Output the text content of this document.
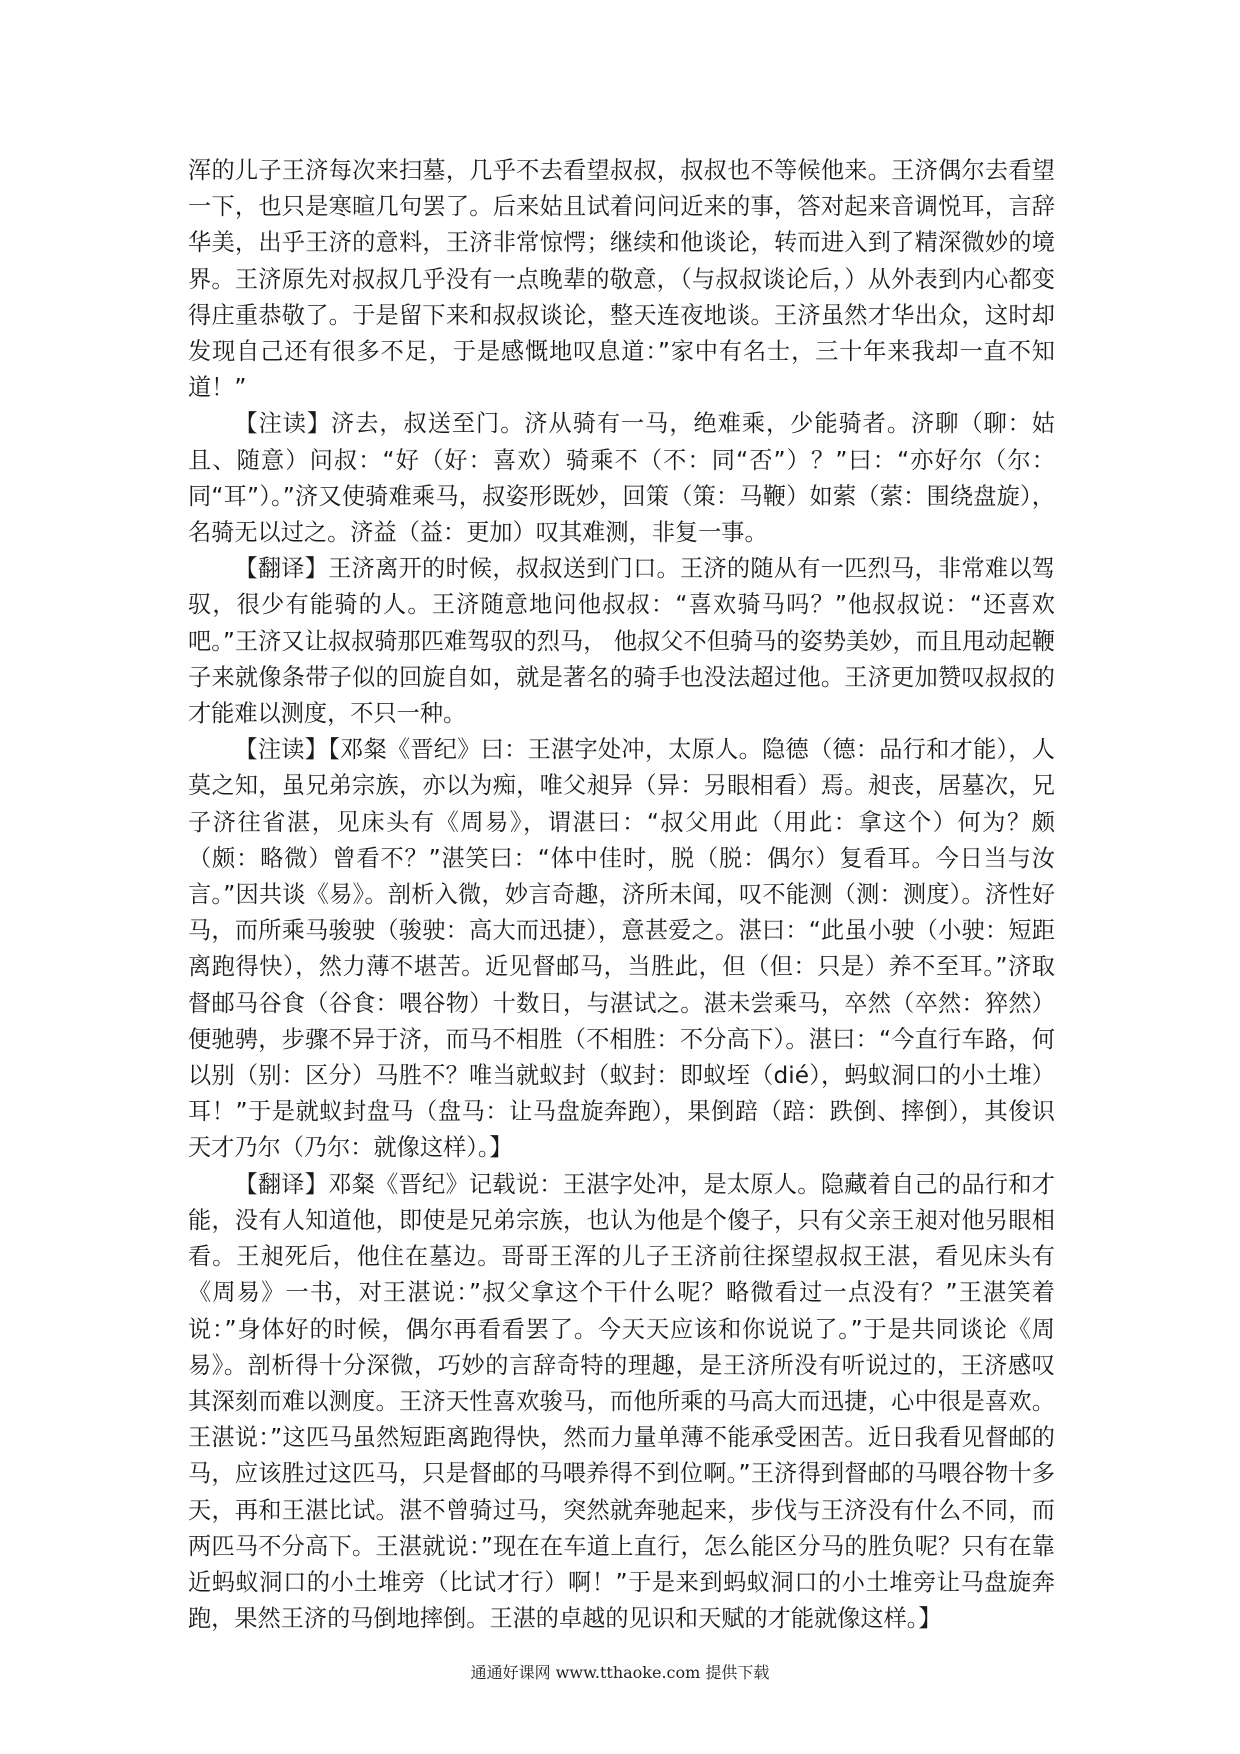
浑的儿子王济每次来扫墓，几乎不去看望叔叔，叔叔也不等候他来。王济偶尔去看望一下，也只是寒暄几句罢了。后来姑且试着问问近来的事，答对起来音调悦耳，言辞华美，出乎王济的意料，王济非常惊愕；继续和他谈论，转而进入到了精深微妙的境界。王济原先对叔叔几乎没有一点晚辈的敬意，（与叔叔谈论后，）从外表到内心都变得庄重恭敬了。于是留下来和叔叔谈论，整天连夜地谈。王济虽然才华出众，这时却发现自己还有很多不足，于是感慨地叹息道：”家中有名士，三十年来我却一直不知道！”

【注读】济去，叔送至门。济从骑有一马，绝难乘，少能骑者。济聊（聊：姑且、随意）问叔：“好（好：喜欢）骑乘不（不：同“否”）？”曰：“亦好尔（尔：同“耳”）。”济又使骑难乘马，叔姿形既妙，回策（策：马鞭）如萦（萦：围绕盘旋），名骑无以过之。济益（益：更加）叹其难测，非复一事。

【翻译】王济离开的时候，叔叔送到门口。王济的随从有一匹烈马，非常难以驾驭，很少有能骑的人。王济随意地问他叔叔：“喜欢骑马吗？”他叔叔说：“还喜欢吧。”王济又让叔叔骑那匹难驾驭的烈马， 他叔父不但骑马的姿势美妙，而且甩动起鞭子来就像条带子似的回旋自如，就是著名的骑手也没法超过他。王济更加赞叹叔叔的才能难以测度，不只一种。

【注读】【邓粲《晋纪》曰：王湛字处冲，太原人。隐德（德：品行和才能），人莫之知，虽兄弟宗族，亦以为痴，唯父昶异（异：另眼相看）焉。昶丧，居墓次，兄子济往省湛，见床头有《周易》，谓湛曰：“叔父用此（用此：拿这个）何为？颇（颇：略微）曾看不？”湛笑曰：“体中佳时，脱（脱：偶尔）复看耳。今日当与汝言。”因共谈《易》。剖析入微，妙言奇趣，济所未闻，叹不能测（测：测度）。济性好马，而所乘马骏驶（骏驶：高大而迅捷），意甚爱之。湛曰：“此虽小驶（小驶：短距离跑得快），然力薄不堪苦。近见督邮马，当胜此，但（但：只是）养不至耳。”济取督邮马谷食（谷食：喂谷物）十数日，与湛试之。湛未尝乘马，卒然（卒然：猝然）便驰骋，步骤不异于济，而马不相胜（不相胜：不分高下）。湛曰：“今直行车路，何以别（别：区分）马胜不？唯当就蚁封（蚁封：即蚁垤（dié），蚂蚁洞口的小土堆）耳！”于是就蚁封盘马（盘马：让马盘旋奔跑），果倒踣（踣：跌倒、摔倒），其俊识天才乃尔（乃尔：就像这样）。】

【翻译】邓粲《晋纪》记载说：王湛字处冲，是太原人。隐藏着自己的品行和才能，没有人知道他，即使是兄弟宗族，也认为他是个傻子，只有父亲王昶对他另眼相看。王昶死后，他住在墓边。哥哥王浑的儿子王济前往探望叔叔王湛，看见床头有《周易》一书，对王湛说：”叔父拿这个干什么呢？略微看过一点没有？”王湛笑着说：”身体好的时候，偶尔再看看罢了。今天天应该和你说说了。”于是共同谈论《周易》。剖析得十分深微，巧妙的言辞奇特的理趣，是王济所没有听说过的，王济感叹其深刻而难以测度。王济天性喜欢骏马，而他所乘的马高大而迅捷，心中很是喜欢。王湛说：”这匹马虽然短距离跑得快，然而力量单薄不能承受困苦。近日我看见督邮的马，应该胜过这匹马，只是督邮的马喂养得不到位啊。”王济得到督邮的马喂谷物十多天，再和王湛比试。湛不曾骑过马，突然就奔驰起来，步伐与王济没有什么不同，而两匹马不分高下。王湛就说：”现在在车道上直行，怎么能区分马的胜负呢？只有在靠近蚂蚁洞口的小土堆旁（比试才行）啊！”于是来到蚂蚁洞口的小土堆旁让马盘旋奔跑，果然王济的马倒地摔倒。王湛的卓越的见识和天赋的才能就像这样。】

通通好课网 www.tthaoke.com 提供下载
